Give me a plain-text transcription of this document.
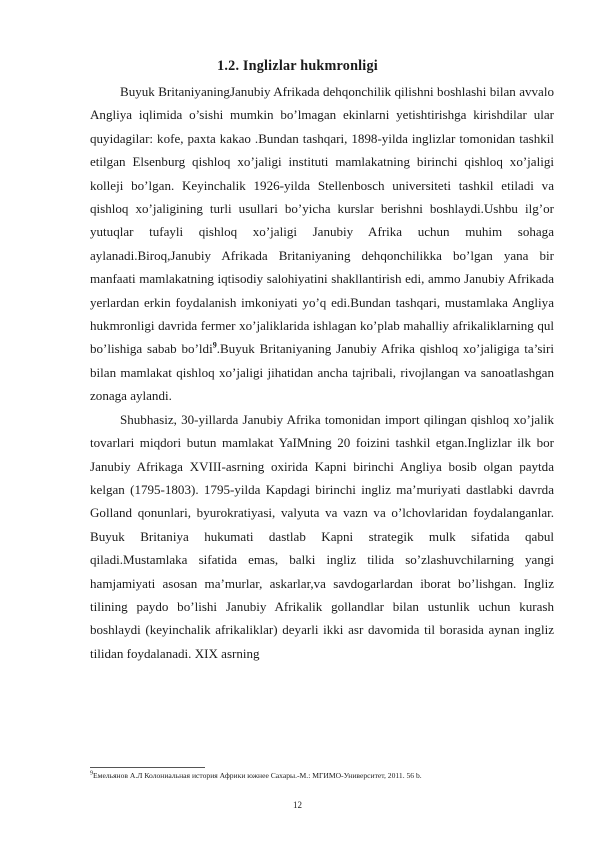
1.2. Inglizlar hukmronligi

Buyuk BritaniyaningJanubiy Afrikada dehqonchilik qilishni boshlashi bilan avvalo Angliya iqlimida o’sishi mumkin bo’lmagan ekinlarni yetishtirishga kirishdilar ular quyidagilar: kofe, paxta kakao .Bundan tashqari, 1898-yilda inglizlar tomonidan tashkil etilgan Elsenburg qishloq xo’jaligi instituti mamlakatning birinchi qishloq xo’jaligi kolleji bo’lgan. Keyinchalik 1926-yilda Stellenbosch universiteti tashkil etiladi va qishloq xo’jaligining turli usullari bo’yicha kurslar berishni boshlaydi.Ushbu ilg’or yutuqlar tufayli qishloq xo’jaligi Janubiy Afrika uchun muhim sohaga aylanadi.Biroq,Janubiy Afrikada Britaniyaning dehqonchilikka bo’lgan yana bir manfaati mamlakatning iqtisodiy salohiyatini shakllantirish edi, ammo Janubiy Afrikada yerlardan erkin foydalanish imkoniyati yo’q edi.Bundan tashqari, mustamlaka Angliya hukmronligi davrida fermer xo’jaliklarida ishlagan ko’plab mahalliy afrikaliklarning qul bo’lishiga sabab bo’ldi$^9$.Buyuk Britaniyaning Janubiy Afrika qishloq xo’jaligiga ta’siri bilan mamlakat qishloq xo’jaligi jihatidan ancha tajribali, rivojlangan va sanoatlashgan zonaga aylandi.

Shubhasiz, 30-yillarda Janubiy Afrika tomonidan import qilingan qishloq xo’jalik tovarlari miqdori butun mamlakat YaIMning 20 foizini tashkil etgan.Inglizlar ilk bor Janubiy Afrikaga XVIII-asrning oxirida Kapni birinchi Angliya bosib olgan paytda kelgan (1795-1803). 1795-yilda Kapdagi birinchi ingliz ma’muriyati dastlabki davrda Golland qonunlari, byurokratiyasi, valyuta va vazn va o’lchovlaridan foydalanganlar. Buyuk Britaniya hukumati dastlab Kapni strategik mulk sifatida qabul qiladi.Mustamlaka sifatida emas, balki ingliz tilida so’zlashuvchilarning yangi hamjamiyati asosan ma’murlar, askarlar,va savdogarlardan iborat bo’lishgan. Ingliz tilining paydo bo’lishi Janubiy Afrikalik gollandlar bilan ustunlik uchun kurash boshlaydi (keyinchalik afrikaliklar) deyarli ikki asr davomida til borasida aynan ingliz tilidan foydalanadi. XIX asrning

$^9$Емельянов А.Л Колониальная история Африки южнее Сахары.-М.: МГИМО-Университет, 2011. 56 b.
12
